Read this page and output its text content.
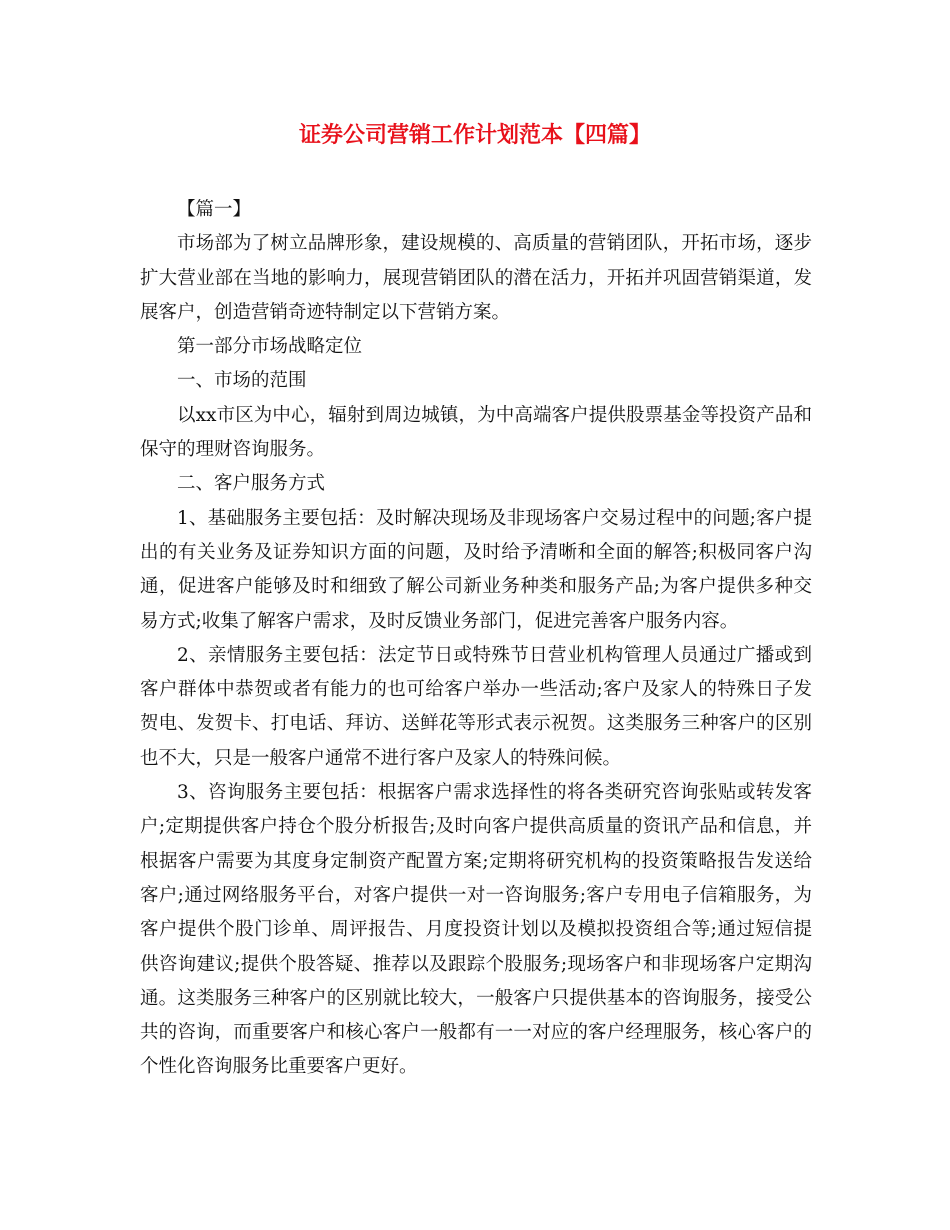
证券公司营销工作计划范本【四篇】

【篇一】

市场部为了树立品牌形象，建设规模的、高质量的营销团队，开拓市场，逐步扩大营业部在当地的影响力，展现营销团队的潜在活力，开拓并巩固营销渠道，发展客户，创造营销奇迹特制定以下营销方案。

第一部分市场战略定位

一、市场的范围

以xx市区为中心，辐射到周边城镇，为中高端客户提供股票基金等投资产品和保守的理财咨询服务。

二、客户服务方式

1、基础服务主要包括：及时解决现场及非现场客户交易过程中的问题;客户提出的有关业务及证券知识方面的问题，及时给予清晰和全面的解答;积极同客户沟通，促进客户能够及时和细致了解公司新业务种类和服务产品;为客户提供多种交易方式;收集了解客户需求，及时反馈业务部门，促进完善客户服务内容。

2、亲情服务主要包括：法定节日或特殊节日营业机构管理人员通过广播或到客户群体中恭贺或者有能力的也可给客户举办一些活动;客户及家人的特殊日子发贺电、发贺卡、打电话、拜访、送鲜花等形式表示祝贺。这类服务三种客户的区别也不大，只是一般客户通常不进行客户及家人的特殊问候。

3、咨询服务主要包括：根据客户需求选择性的将各类研究咨询张贴或转发客户;定期提供客户持仓个股分析报告;及时向客户提供高质量的资讯产品和信息，并根据客户需要为其度身定制资产配置方案;定期将研究机构的投资策略报告发送给客户;通过网络服务平台，对客户提供一对一咨询服务;客户专用电子信箱服务，为客户提供个股门诊单、周评报告、月度投资计划以及模拟投资组合等;通过短信提供咨询建议;提供个股答疑、推荐以及跟踪个股服务;现场客户和非现场客户定期沟通。这类服务三种客户的区别就比较大，一般客户只提供基本的咨询服务，接受公共的咨询，而重要客户和核心客户一般都有一一对应的客户经理服务，核心客户的个性化咨询服务比重要客户更好。
